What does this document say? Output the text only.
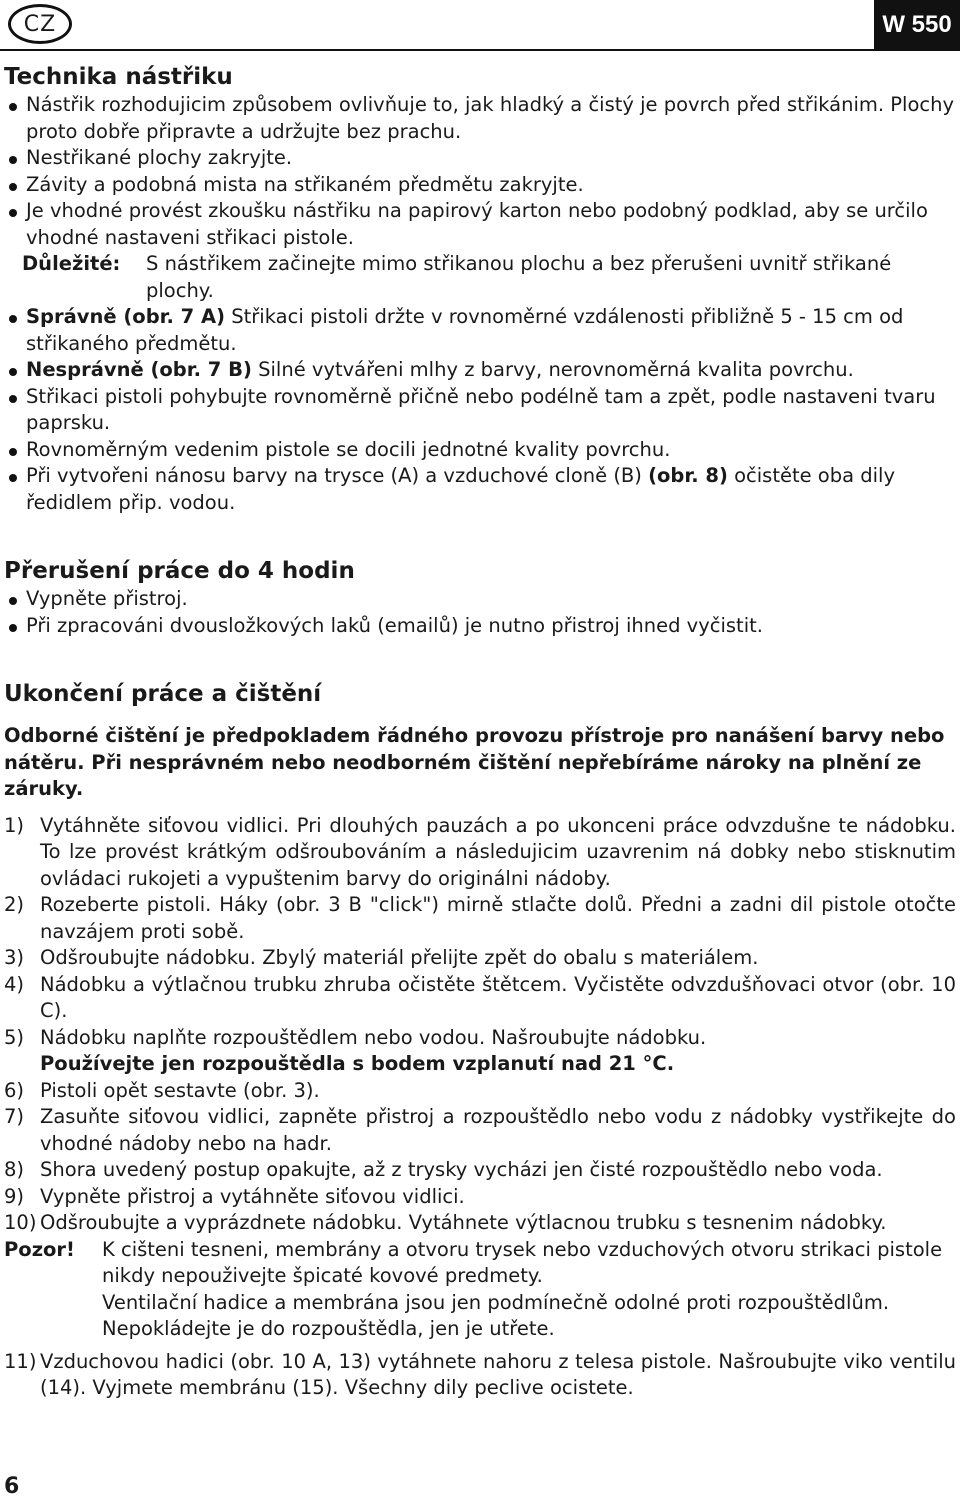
CZ	W 550
Technika nástřiku
Nástřik rozhodujicim způsobem ovlivňuje to, jak hladký a čistý je povrch před střikánim. Plochy proto dobře připravte a udržujte bez prachu.
Nestřikané plochy zakryjte.
Závity a podobná mista na střikaném předmětu zakryjte.
Je vhodné provést zkoušku nástřiku na papirový karton nebo podobný podklad, aby se určilo vhodné nastaveni střikaci pistole.
Důležité:	S nástřikem začinejte mimo střikanou plochu a bez přerušeni uvnitř střikané plochy.
Správně (obr. 7 A) Střikaci pistoli držte v rovnoměrné vzdálenosti přibližně 5 - 15 cm od střikaného předmětu.
Nesprávně (obr. 7 B) Silné vytvářeni mlhy z barvy, nerovnoměrná kvalita povrchu.
Střikaci pistoli pohybujte rovnoměrně přičně nebo podélně tam a zpět, podle nastaveni tvaru paprsku.
Rovnoměrným vedenim pistole se docili jednotné kvality povrchu.
Při vytvořeni nánosu barvy na trysce (A) a vzduchové cloně (B) (obr. 8) očistěte oba dily ředidlem přip. vodou.
Přerušení práce do 4 hodin
Vypněte přistroj.
Při zpracováni dvousložkových laků (emailů) je nutno přistroj ihned vyčistit.
Ukončení práce a čištění
Odborné čištění je předpokladem řádného provozu přístroje pro nanášení barvy nebo nátěru. Při nesprávném nebo neodborném čištění nepřebíráme nároky na plnění ze záruky.
1) Vytáhněte siťovou vidlici. Pri dlouhých pauzách a po ukonceni práce odvzdušne te nádobku. To lze provést krátkým odšroubováním a následujicim uzavrenim ná dobky nebo stisknutim ovládaci rukojeti a vypuštenim barvy do originálni nádoby.
2) Rozeberte pistoli. Háky (obr. 3 B "click") mirně stlačte dolů. Předni a zadni dil pistole otočte navzájem proti sobě.
3) Odšroubujte nádobku. Zbylý materiál přelijte zpět do obalu s materiálem.
4) Nádobku a výtlačnou trubku zhruba očistěte štětcem. Vyčistěte odvzdušňovaci otvor (obr. 10 C).
5) Nádobku naplňte rozpouštědlem nebo vodou. Našroubujte nádobku.
Používejte jen rozpouštědla s bodem vzplanutí nad 21 °C.
6) Pistoli opět sestavte (obr. 3).
7) Zasuňte siťovou vidlici, zapněte přistroj a rozpouštědlo nebo vodu z nádobky vystřikejte do vhodné nádoby nebo na hadr.
8) Shora uvedený postup opakujte, až z trysky vycházi jen čisté rozpouštědlo nebo voda.
9) Vypněte přistroj a vytáhněte siťovou vidlici.
10) Odšroubujte a vyprázdnete nádobku. Vytáhnete výtlacnou trubku s tesnenim nádobky.
Pozor!	K cišteni tesneni, membrány a otvoru trysek nebo vzduchových otvoru strikaci pistole nikdy nepouživejte špicaté kovové predmety.
Ventilační hadice a membrána jsou jen podmínečně odolné proti rozpouštědlům. Nepokládejte je do rozpouštědla, jen je utřete.
11) Vzduchovou hadici (obr. 10 A, 13) vytáhnete nahoru z telesa pistole. Našroubujte viko ventilu (14). Vyjmete membránu (15). Všechny dily peclive ocistete.
6
